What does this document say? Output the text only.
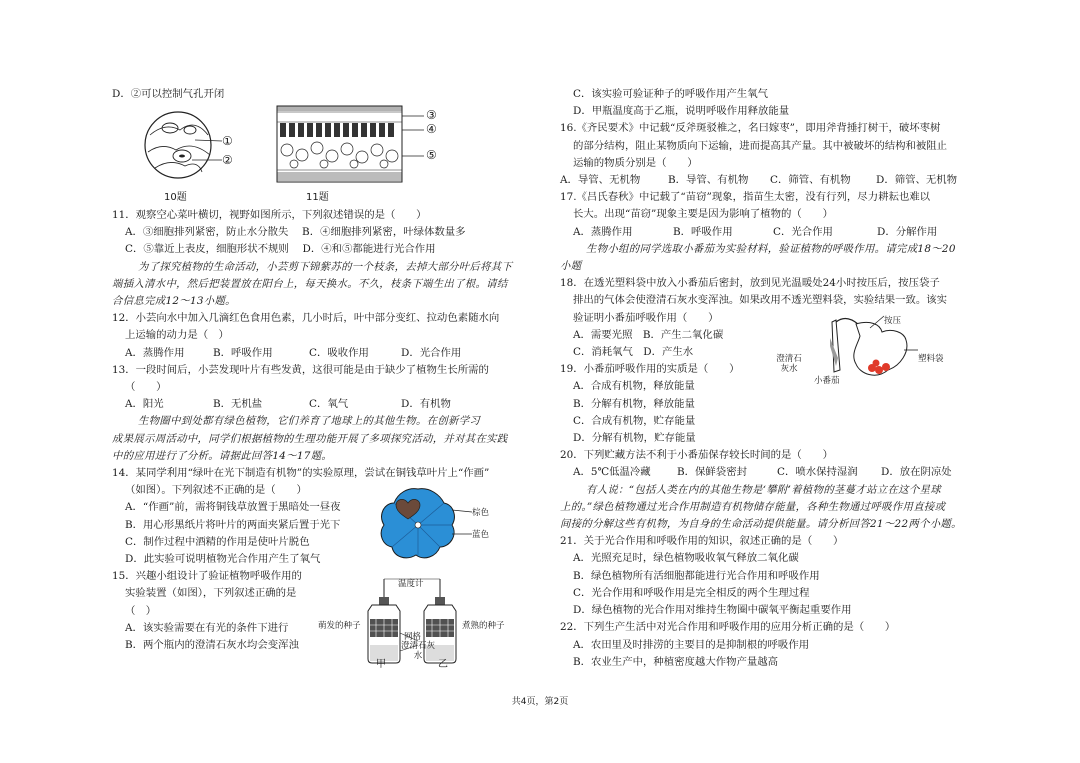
D．②可以控制气孔开闭
①
②
③
④
⑤
10题	11题
11．观察空心菜叶横切，视野如图所示，下列叙述错误的是（　　）
A．③细胞排列紧密，防止水分散失　 B．④细胞排列紧密，叶绿体数量多
C．⑤靠近上表皮，细胞形状不规则　 D．④和⑤都能进行光合作用
为了探究植物的生命活动，小芸剪下锦紫苏的一个枝条，去掉大部分叶后将其下
端插入清水中，然后把装置放在阳台上，每天换水。不久，枝条下端生出了根。请结
合信息完成12～13小题。
12．小芸向水中加入几滴红色食用色素，几小时后，叶中部分变红、拉动色素随水向
上运输的动力是（　）
A．蒸腾作用	B．呼吸作用	C．吸收作用	D．光合作用
13．一段时间后，小芸发现叶片有些发黄，这很可能是由于缺少了植物生长所需的
（　　）
A．阳光	B．无机盐	C．氧气	D．有机物
生物圈中到处都有绿色植物，它们养育了地球上的其他生物。在创新学习
成果展示周活动中，同学们根据植物的生理功能开展了多项探究活动，并对其在实践
中的应用进行了分析。请据此回答14～17题。
14．某同学利用“绿叶在光下制造有机物”的实验原理，尝试在铜钱草叶片上“作画”
（如图）。下列叙述不正确的是（　　）
A．“作画”前，需将铜钱草放置于黑暗处一昼夜
B．用心形黑纸片将叶片的两面夹紧后置于光下
C．制作过程中酒精的作用是使叶片脱色
D．此实验可说明植物光合作用产生了氧气
15．兴趣小组设计了验证植物呼吸作用的
实验装置（如图），下列叙述正确的是
（　）
A．该实验需要在有光的条件下进行
B．两个瓶内的澄清石灰水均会变浑浊
棕色
蓝色
温度计
萌发的种子	煮熟的种子
网格
澄清石灰水
甲	乙
C．该实验可验证种子的呼吸作用产生氧气
D．甲瓶温度高于乙瓶，说明呼吸作用释放能量
16.《齐民要术》中记载“反斧斑驳椎之，名曰嫁枣”，即用斧背捶打树干，破坏枣树
的部分结构，阻止某物质向下运输，进而提高其产量。其中被破坏的结构和被阻止
运输的物质分别是（　　）
A．导管、无机物	B．导管、有机物	C．筛管、有机物	D．筛管、无机物
17.《吕氏春秋》中记载了“苗窃”现象，指苗生太密，没有行列，尽力耕耘也难以
长大。出现“苗窃”现象主要是因为影响了植物的（　　）
A．蒸腾作用	B．呼吸作用	C．光合作用	D．分解作用
生物小组的同学选取小番茄为实验材料，验证植物的呼吸作用。请完成18～20
小题
18．在透光塑料袋中放入小番茄后密封，放到见光温暖处24小时按压后，按压袋子
排出的气体会使澄清石灰水变浑浊。如果改用不透光塑料袋，实验结果一致。该实
验证明小番茄呼吸作用（　　）
A．需要光照　B．产生二氧化碳
C．消耗氧气　D．产生水
19．小番茄呼吸作用的实质是（　　）
A．合成有机物，释放能量
B．分解有机物，释放能量
C．合成有机物，贮存能量
D．分解有机物，贮存能量
20．下列贮藏方法不利于小番茄保存较长时间的是（　　）
A．5℃低温冷藏	B．保鲜袋密封	C．喷水保持湿润	D．放在阴凉处
有人说：“包括人类在内的其他生物是‘攀附’着植物的茎蔓才站立在这个星球
上的。”绿色植物通过光合作用制造有机物储存能量，各种生物通过呼吸作用直接或
间接的分解这些有机物，为自身的生命活动提供能量。请分析回答21～22两个小题。
21．关于光合作用和呼吸作用的知识，叙述正确的是（　　）
A．光照充足时，绿色植物吸收氧气释放二氧化碳
B．绿色植物所有活细胞都能进行光合作用和呼吸作用
C．光合作用和呼吸作用是完全相反的两个生理过程
D．绿色植物的光合作用对维持生物圈中碳氧平衡起重要作用
22．下列生产生活中对光合作用和呼吸作用的应用分析正确的是（　　）
A．农田里及时排涝的主要目的是抑制根的呼吸作用
B．农业生产中，种植密度越大作物产量越高
按压
塑料袋
澄清石灰水
小番茄
共4页，第2页
